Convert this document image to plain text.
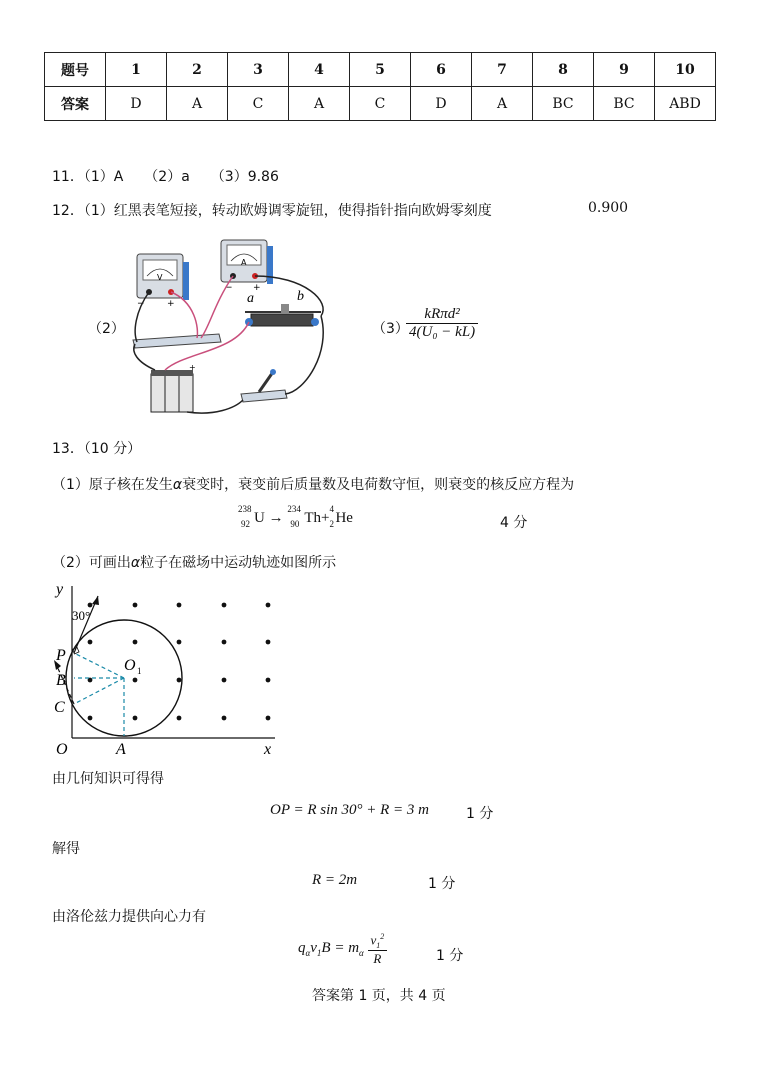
题号	1	2	3	4	5	6	7	8	9	10
答案	D	A	C	A	C	D	A	BC	BC	ABD
11．（1）A　　（2）a　　（3）9.86
12．（1）红黑表笔短接，转动欧姆调零旋钮，使得指针指向欧姆零刻度	0.900
（2）
− +
V
− +
A
a	b
+
（3）
$\frac{\text{kRπd²}}{\text{4(U₀ − kL)}}$
13．（10 分）
（1）原子核在发生α衰变时，衰变前后质量数及电荷数守恒，则衰变的核反应方程为
238
92 U →
234
90 Th+
4
2 He	4 分
（2）可画出α粒子在磁场中运动轨迹如图所示
y
x
O	A
P
B
C
O 1
30°
由几何知识可得得
OP = R sin 30° + R = 3 m	1 分
解得
R = 2m	1 分
由洛伦兹力提供向心力有
$q_\alpha v_1B = m_\alpha \frac{v_1^2}{R}$	1 分
答案第 1 页，共 4 页
